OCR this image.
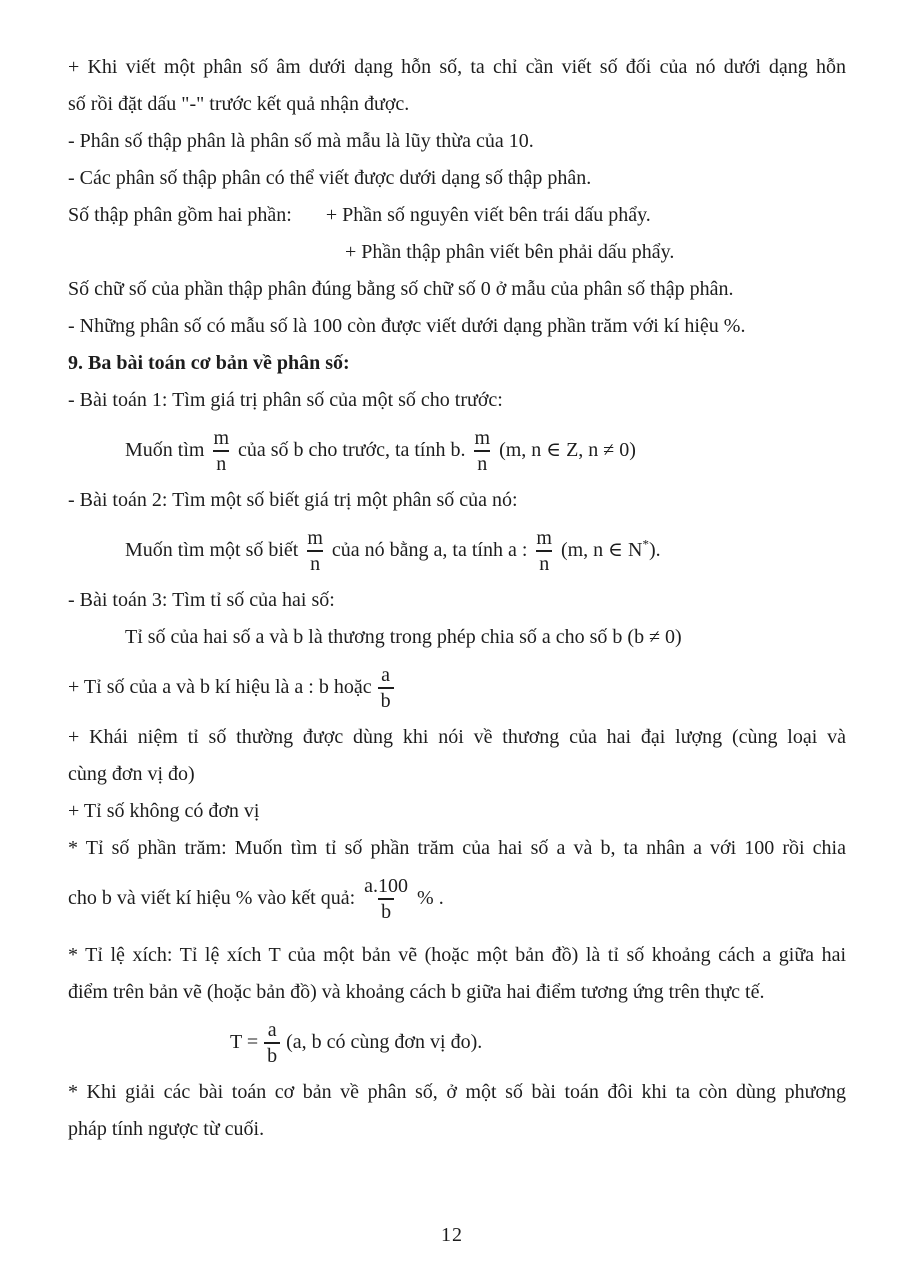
+ Khi viết một phân số âm dưới dạng hỗn số, ta chỉ cần viết số đối của nó dưới dạng hỗn
số rồi đặt dấu "-" trước kết quả nhận được.
- Phân số thập phân là phân số mà mẫu là lũy thừa của 10.
- Các phân số thập phân có thể viết được dưới dạng số thập phân.
Số thập phân gồm hai phần: + Phần số nguyên viết bên trái dấu phẩy.
+ Phần thập phân viết bên phải dấu phẩy.
Số chữ số của phần thập phân đúng bằng số chữ số 0 ở mẫu của phân số thập phân.
- Những phân số có mẫu số là 100 còn được viết dưới dạng phần trăm với kí hiệu %.
9. Ba bài toán cơ bản về phân số:
- Bài toán 1: Tìm giá trị phân số của một số cho trước:
Muốn tìm $\frac{m}{n}$ của số b cho trước, ta tính b. $\frac{m}{n} (m$, n ∈ Z, n ≠ 0)
- Bài toán 2: Tìm một số biết giá trị một phân số của nó:
Muốn tìm một số biết $\frac{m}{n}$ của nó bằng a, ta tính a : $\frac{m}{n} (m$, n ∈ N*).
- Bài toán 3: Tìm tỉ số của hai số:
Tỉ số của hai số a và b là thương trong phép chia số a cho số b (b ≠ 0)
+ Tỉ số của a và b kí hiệu là a : b hoặc $\frac{a}{b}$
+ Khái niệm tỉ số thường được dùng khi nói về thương của hai đại lượng (cùng loại và
cùng đơn vị đo)
+ Tỉ số không có đơn vị
* Tỉ số phần trăm: Muốn tìm tỉ số phần trăm của hai số a và b, ta nhân a với 100 rồi chia
cho b và viết kí hiệu % vào kết quả: $\frac{a.100}{b}$ % .
* Tỉ lệ xích: Tỉ lệ xích T của một bản vẽ (hoặc một bản đồ) là tỉ số khoảng cách a giữa hai
điểm trên bản vẽ (hoặc bản đồ) và khoảng cách b giữa hai điểm tương ứng trên thực tế.
$T = \frac{a}{b} (a$, b có cùng đơn vị đo).
* Khi giải các bài toán cơ bản về phân số, ở một số bài toán đôi khi ta còn dùng phương
pháp tính ngược từ cuối.
12
